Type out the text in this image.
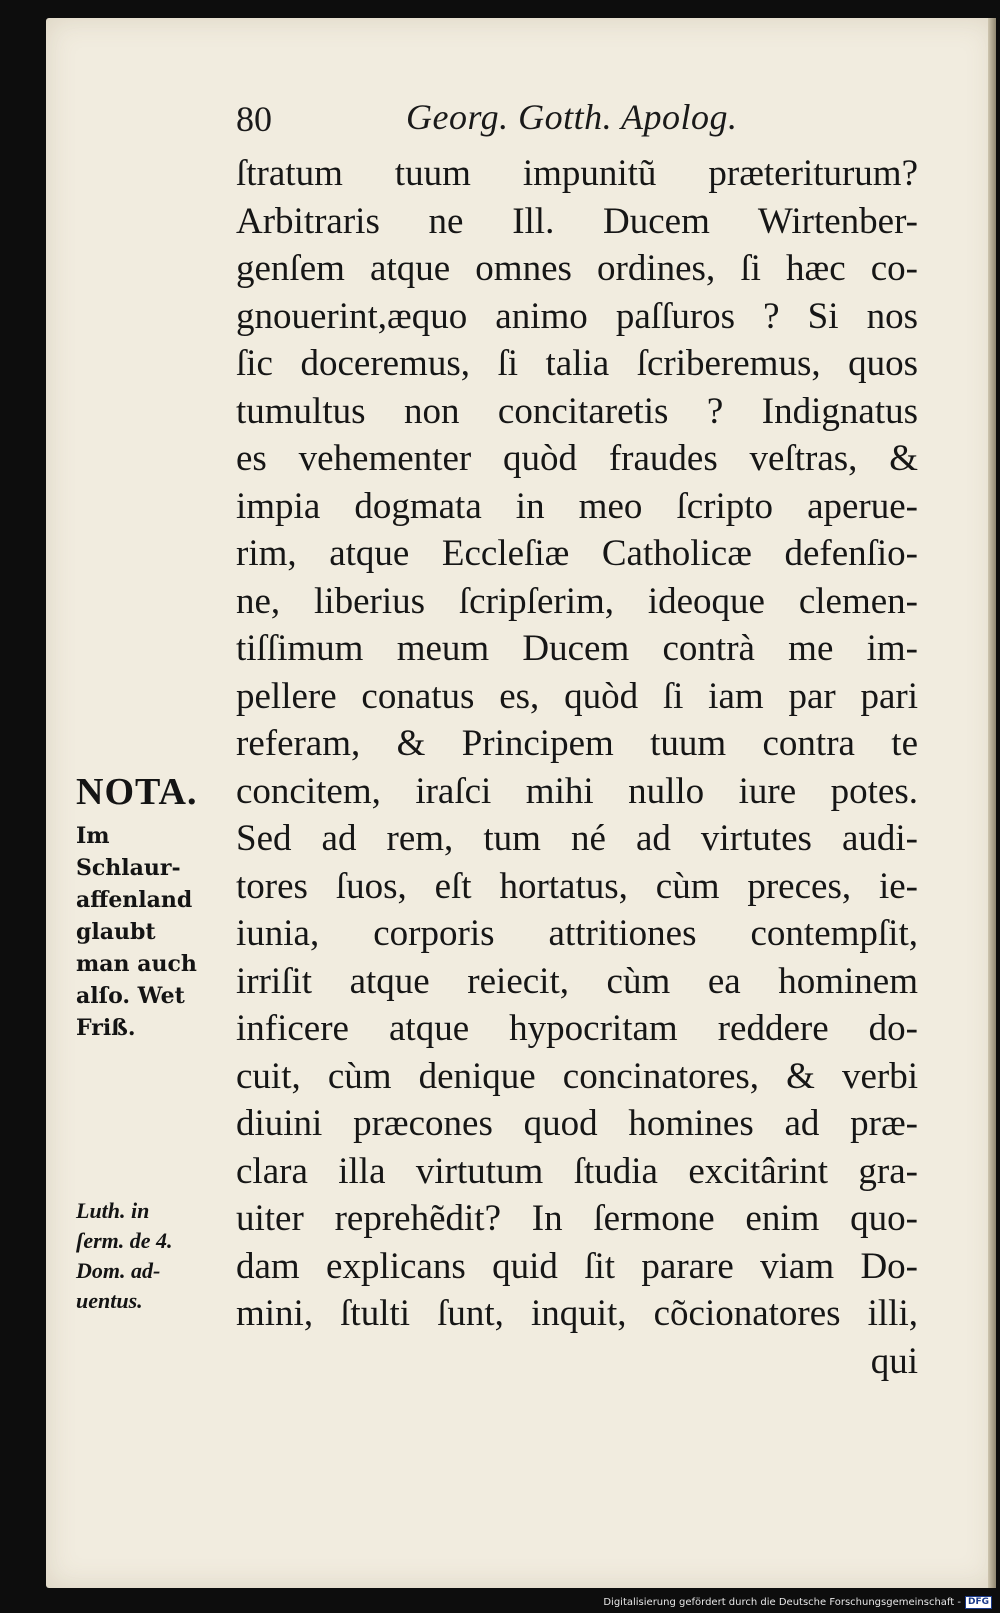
80	Georg. Gotth. Apolog.
ſtratum tuum impunitũ præteriturum?
Arbitraris ne Ill. Ducem Wirtenber-
genſem atque omnes ordines, ſi hæc co-
gnouerint,æquo animo paſſuros ? Si nos
ſic doceremus, ſi talia ſcriberemus, quos
tumultus non concitaretis ? Indignatus
es vehementer quòd fraudes veſtras, &
impia dogmata in meo ſcripto aperue-
rim, atque Eccleſiæ Catholicæ defenſio-
ne, liberius ſcripſerim, ideoque clemen-
tiſſimum meum Ducem contrà me im-
pellere conatus es, quòd ſi iam par pari
referam, & Principem tuum contra te
concitem, iraſci mihi nullo iure potes.
Sed ad rem, tum né ad virtutes audi-
tores ſuos, eſt hortatus, cùm preces, ie-
iunia, corporis attritiones contempſit,
irriſit atque reiecit, cùm ea hominem
inficere atque hypocritam reddere do-
cuit, cùm denique concinatores, & verbi
diuini præcones quod homines ad præ-
clara illa virtutum ſtudia excitârint gra-
uiter reprehẽdit? In ſermone enim quo-
dam explicans quid ſit parare viam Do-
mini, ſtulti ſunt, inquit, cõcionatores illi,
qui
NOTA.
Im
Schlaur-
affenland
glaubt
man auch
alſo. Wet
Friß.
Luth. in
ſerm. de 4.
Dom. ad-
uentus.
Digitalisierung gefördert durch die Deutsche Forschungsgemeinschaft - DFG
